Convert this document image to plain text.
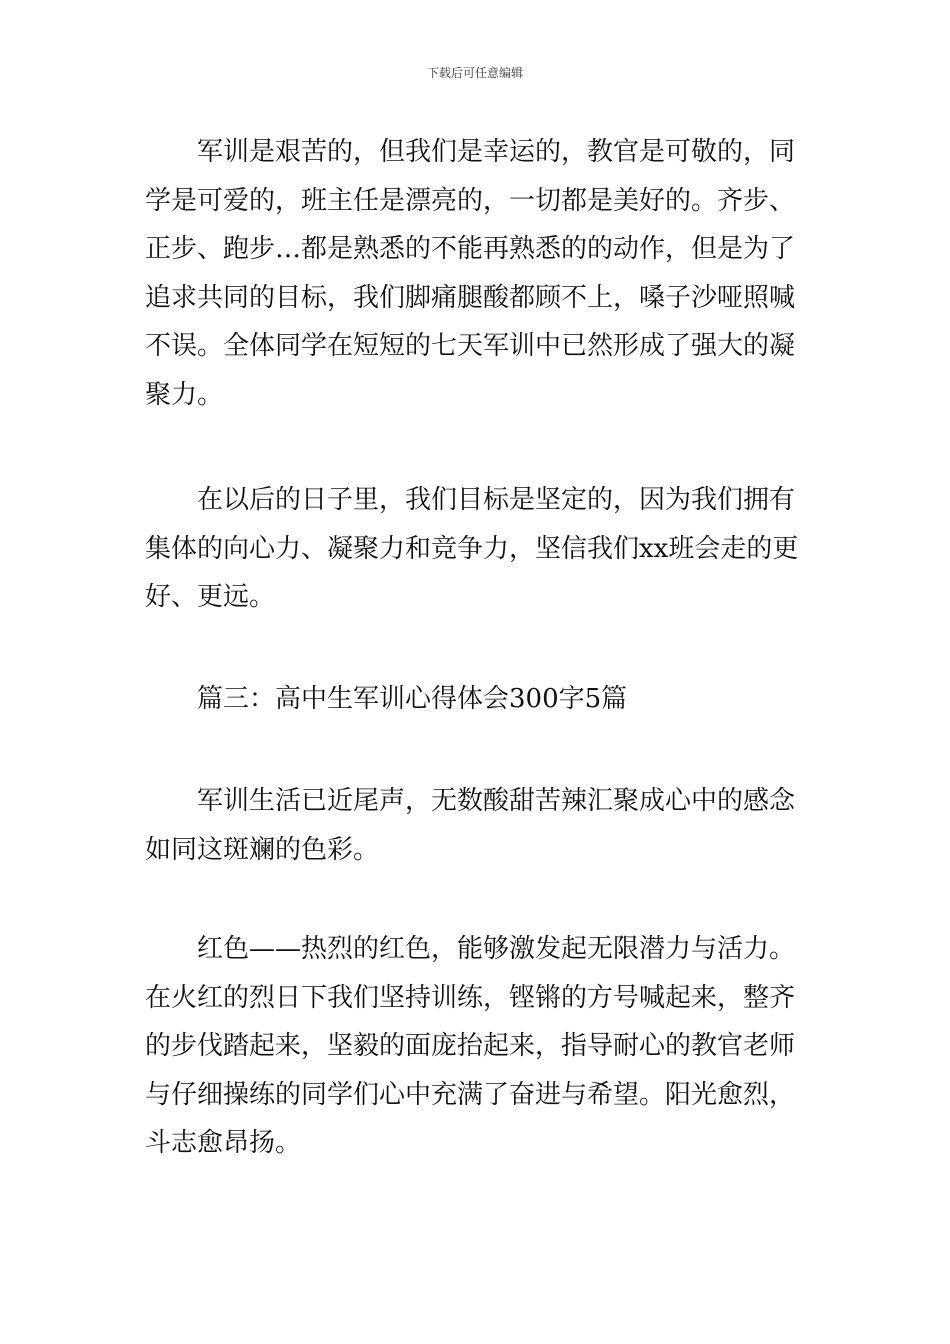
下载后可任意编辑

军训是艰苦的，但我们是幸运的，教官是可敬的，同学是可爱的，班主任是漂亮的，一切都是美好的。齐步、正步、跑步…都是熟悉的不能再熟悉的的动作，但是为了追求共同的目标，我们脚痛腿酸都顾不上，嗓子沙哑照喊不误。全体同学在短短的七天军训中已然形成了强大的凝聚力。

在以后的日子里，我们目标是坚定的，因为我们拥有集体的向心力、凝聚力和竞争力，坚信我们xx班会走的更好、更远。

篇三：高中生军训心得体会300字5篇

军训生活已近尾声，无数酸甜苦辣汇聚成心中的感念如同这斑斓的色彩。

红色——热烈的红色，能够激发起无限潜力与活力。在火红的烈日下我们坚持训练，铿锵的方号喊起来，整齐的步伐踏起来，坚毅的面庞抬起来，指导耐心的教官老师与仔细操练的同学们心中充满了奋进与希望。阳光愈烈，斗志愈昂扬。
